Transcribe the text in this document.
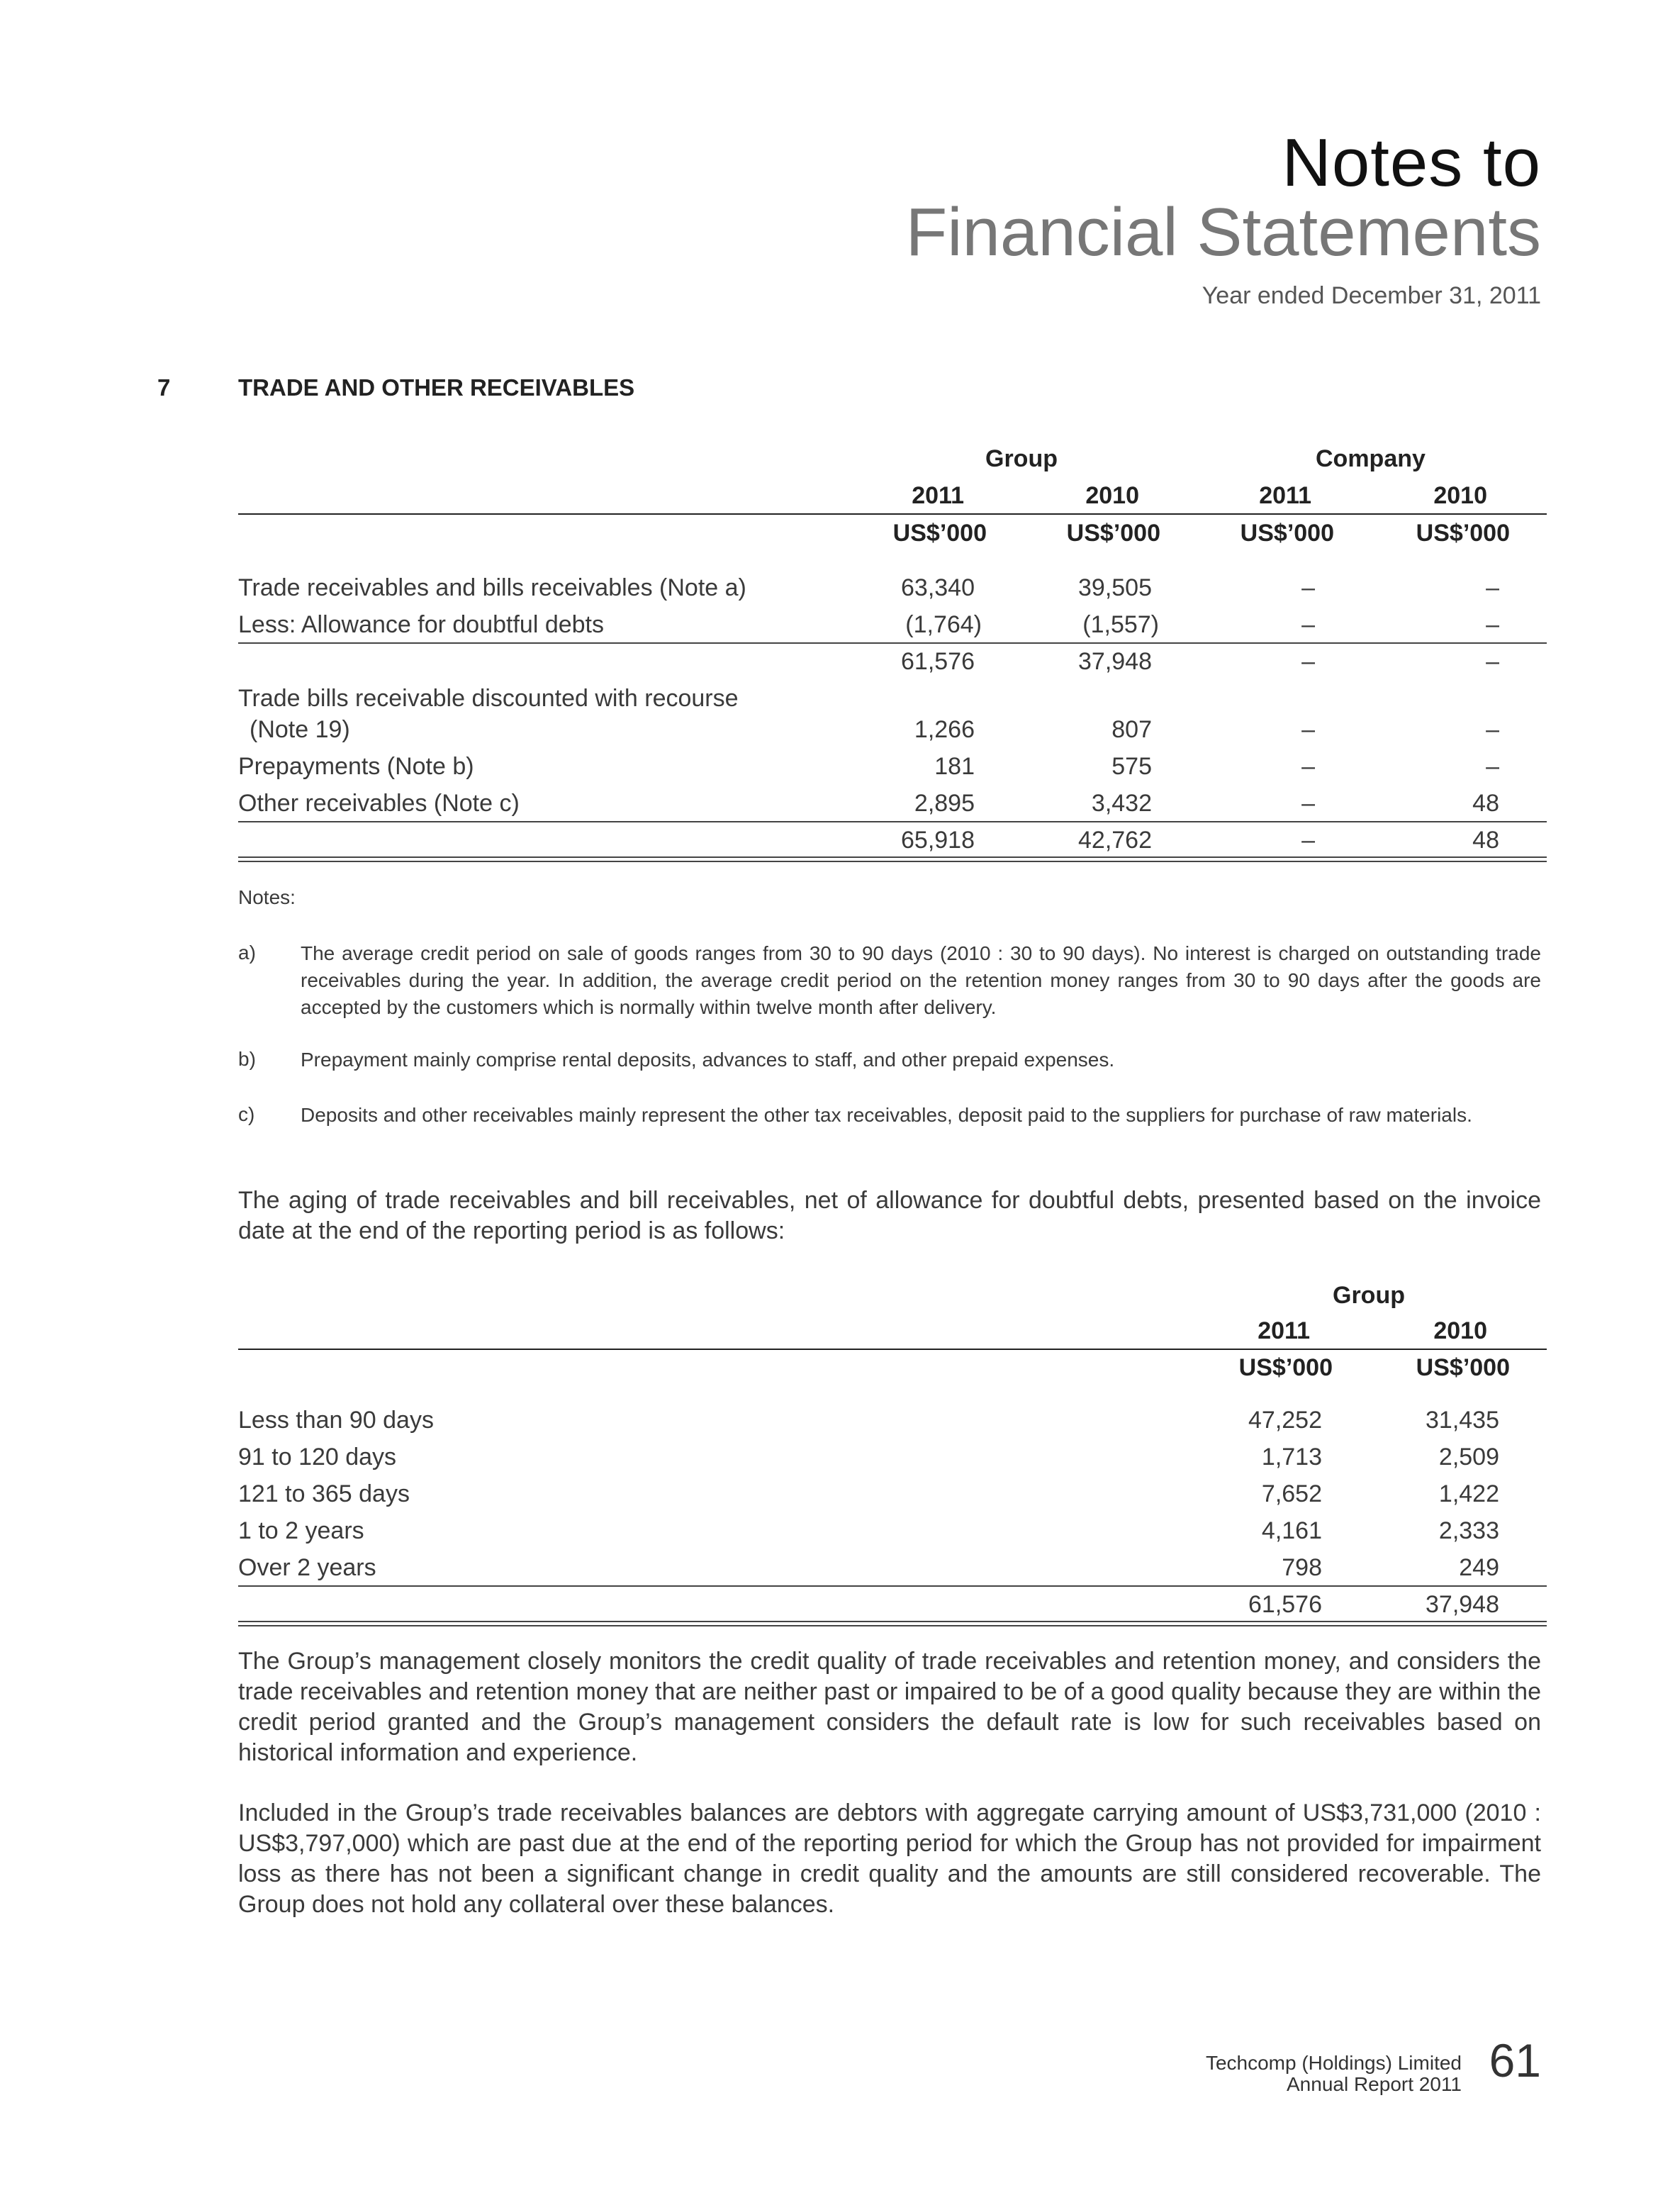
Notes to
Financial Statements
Year ended December 31, 2011
7	TRADE AND OTHER RECEIVABLES
Group	Company
2011	2010	2011	2010
US$’000	US$’000	US$’000	US$’000
Trade receivables and bills receivables (Note a)	63,340	39,505	–	–
Less: Allowance for doubtful debts	(1,764)	(1,557)	–	–
61,576	37,948	–	–
Trade bills receivable discounted with recourse
(Note 19)	1,266	807	–	–
Prepayments (Note b)	181	575	–	–
Other receivables (Note c)	2,895	3,432	–	48
65,918	42,762	–	48
Notes:
a) The average credit period on sale of goods ranges from 30 to 90 days (2010 : 30 to 90 days). No interest is charged on outstanding trade receivables during the year. In addition, the average credit period on the retention money ranges from 30 to 90 days after the goods are accepted by the customers which is normally within twelve month after delivery.
b) Prepayment mainly comprise rental deposits, advances to staff, and other prepaid expenses.
c) Deposits and other receivables mainly represent the other tax receivables, deposit paid to the suppliers for purchase of raw materials.
The aging of trade receivables and bill receivables, net of allowance for doubtful debts, presented based on the invoice date at the end of the reporting period is as follows:
Group
2011	2010
US$’000	US$’000
Less than 90 days	47,252	31,435
91 to 120 days	1,713	2,509
121 to 365 days	7,652	1,422
1 to 2 years	4,161	2,333
Over 2 years	798	249
61,576	37,948
The Group’s management closely monitors the credit quality of trade receivables and retention money, and considers the trade receivables and retention money that are neither past or impaired to be of a good quality because they are within the credit period granted and the Group’s management considers the default rate is low for such receivables based on historical information and experience.
Included in the Group’s trade receivables balances are debtors with aggregate carrying amount of US$3,731,000 (2010 : US$3,797,000) which are past due at the end of the reporting period for which the Group has not provided for impairment loss as there has not been a significant change in credit quality and the amounts are still considered recoverable. The Group does not hold any collateral over these balances.
Techcomp (Holdings) Limited
Annual Report 2011 61
